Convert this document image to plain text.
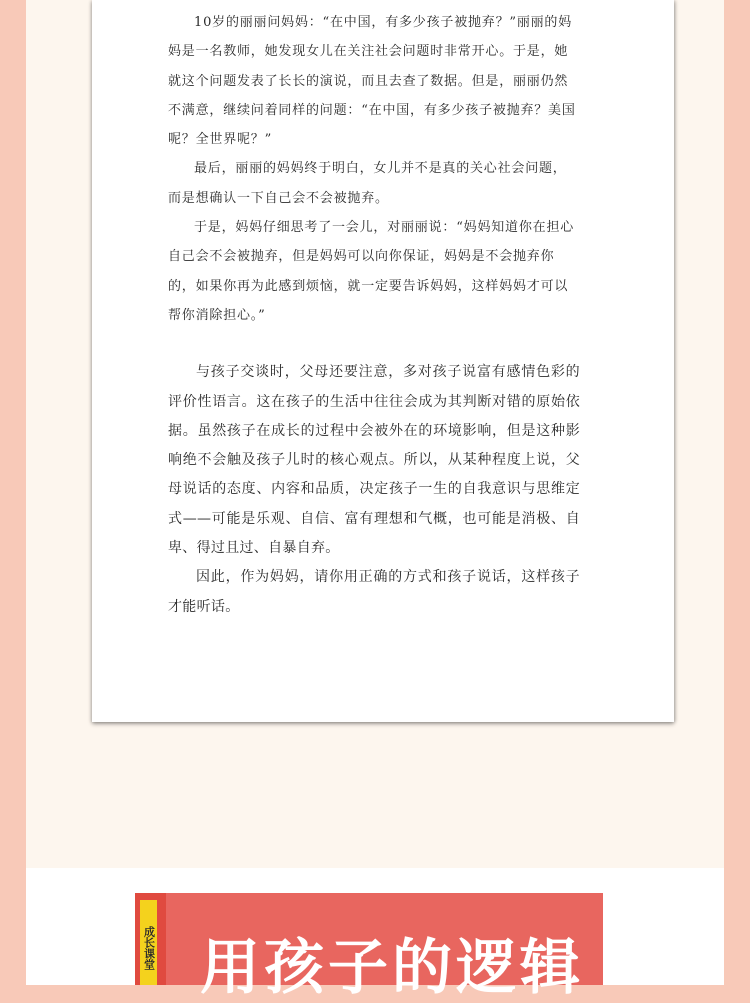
10岁的丽丽问妈妈：“在中国，有多少孩子被抛弃？”丽丽的妈妈是一名教师，她发现女儿在关注社会问题时非常开心。于是，她就这个问题发表了长长的演说，而且去查了数据。但是，丽丽仍然不满意，继续问着同样的问题：“在中国，有多少孩子被抛弃？美国呢？全世界呢？”

最后，丽丽的妈妈终于明白，女儿并不是真的关心社会问题，而是想确认一下自己会不会被抛弃。

于是，妈妈仔细思考了一会儿，对丽丽说：“妈妈知道你在担心自己会不会被抛弃，但是妈妈可以向你保证，妈妈是不会抛弃你的，如果你再为此感到烦恼，就一定要告诉妈妈，这样妈妈才可以帮你消除担心。”

与孩子交谈时，父母还要注意，多对孩子说富有感情色彩的评价性语言。这在孩子的生活中往往会成为其判断对错的原始依据。虽然孩子在成长的过程中会被外在的环境影响，但是这种影响绝不会触及孩子儿时的核心观点。所以，从某种程度上说，父母说话的态度、内容和品质，决定孩子一生的自我意识与思维定式——可能是乐观、自信、富有理想和气概，也可能是消极、自卑、得过且过、自暴自弃。

因此，作为妈妈，请你用正确的方式和孩子说话，这样孩子才能听话。

成长课堂 用孩子的逻辑
